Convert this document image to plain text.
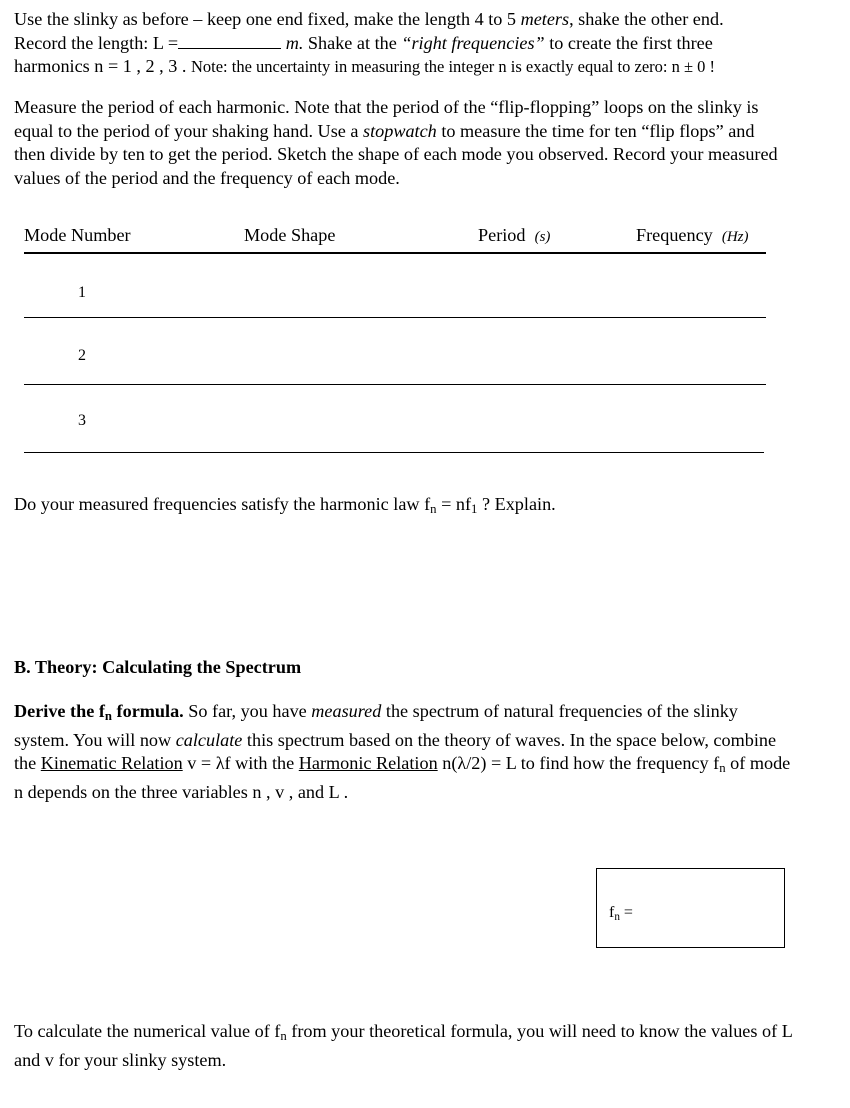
Use the slinky as before – keep one end fixed, make the length 4 to 5 meters, shake the other end.
Record the length: L =	m. Shake at the “right frequencies” to create the first three
harmonics n = 1 , 2 , 3 . Note: the uncertainty in measuring the integer n is exactly equal to zero: n ± 0 !
Measure the period of each harmonic. Note that the period of the “flip-flopping” loops on the slinky is equal to the period of your shaking hand. Use a stopwatch to measure the time for ten “flip flops” and then divide by ten to get the period. Sketch the shape of each mode you observed. Record your measured values of the period and the frequency of each mode.
Mode Number	Mode Shape	Period (s)	Frequency (Hz)
1
2
3
Do your measured frequencies satisfy the harmonic law $f_n = nf_1$ ? Explain.
B. Theory: Calculating the Spectrum
Derive the $f_n$ formula. So far, you have measured the spectrum of natural frequencies of the slinky system. You will now calculate this spectrum based on the theory of waves. In the space below, combine the Kinematic Relation v = λf with the Harmonic Relation n(λ/2) = L to find how the frequency $f_n$ of mode n depends on the three variables n , v , and L .
$f_n$ =
To calculate the numerical value of $f_n$ from your theoretical formula, you will need to know the values of L and v for your slinky system.
